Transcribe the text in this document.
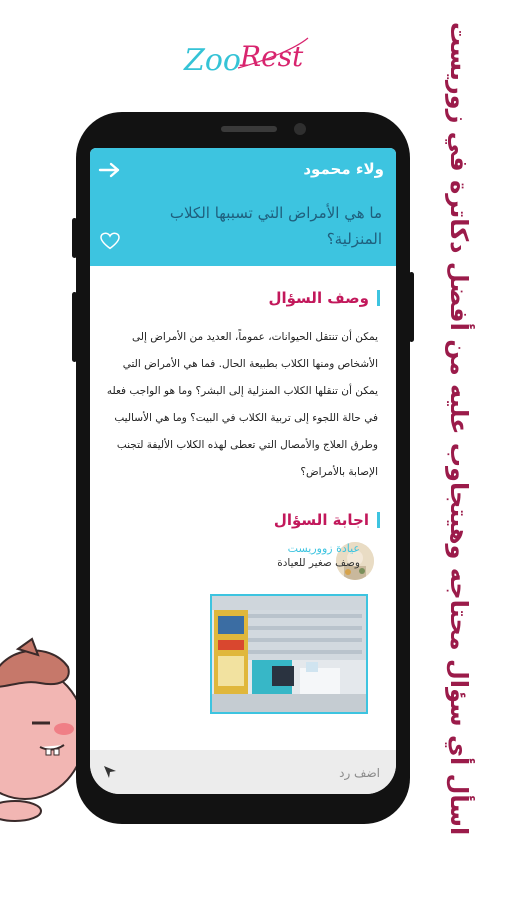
Zoo Rest	اسأل أي سؤال محتاجه وهيتجاوب عليه من أفضل دكاترة في زوريست
ولاء محمود
ما هي الأمراض التي تسببها الكلاب المنزلية؟
وصف السؤال
يمكن أن تنتقل الحيوانات، عموماً، العديد من الأمراض إلى الأشخاص ومنها الكلاب بطبيعة الحال. فما هي الأمراض التي يمكن أن تنقلها الكلاب المنزلية إلى البشر؟ وما هو الواجب فعله في حالة اللجوء إلى تربية الكلاب في البيت؟ وما هي الأساليب وطرق العلاج والأمصال التي تعطى لهذه الكلاب الأليفة لتجنب الإصابة بالأمراض؟
اجابة السؤال
عيادة زووريست
وصف صغير للعيادة
اضف رد
